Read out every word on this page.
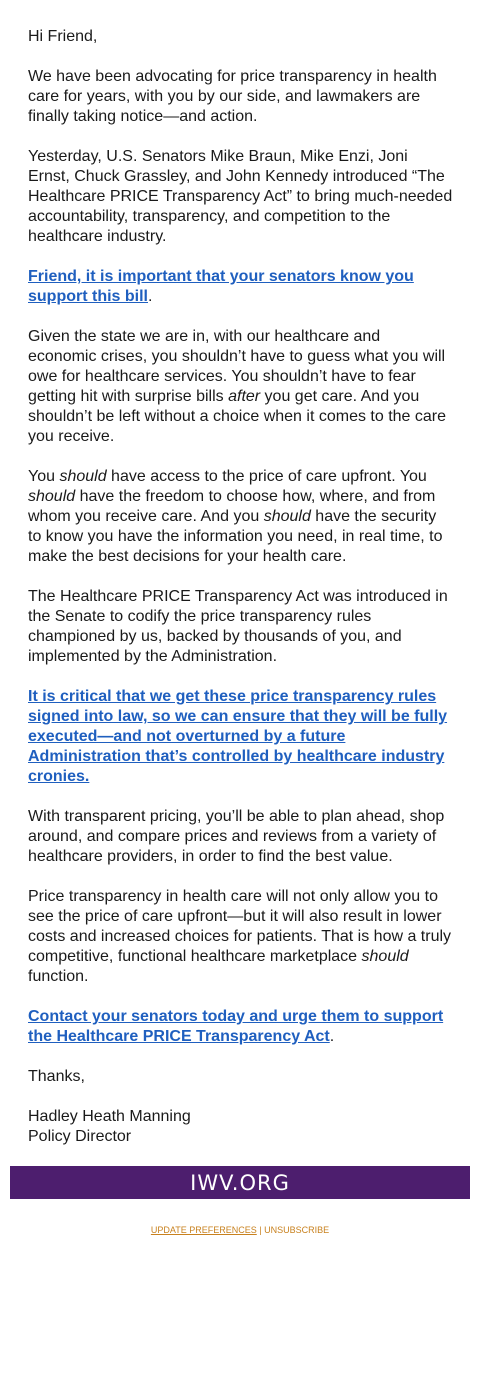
Hi Friend,

We have been advocating for price transparency in health care for years, with you by our side, and lawmakers are finally taking notice—and action.

Yesterday, U.S. Senators Mike Braun, Mike Enzi, Joni Ernst, Chuck Grassley, and John Kennedy introduced “The Healthcare PRICE Transparency Act” to bring much-needed accountability, transparency, and competition to the healthcare industry.

Friend, it is important that your senators know you support this bill.

Given the state we are in, with our healthcare and economic crises, you shouldn’t have to guess what you will owe for healthcare services. You shouldn’t have to fear getting hit with surprise bills after you get care. And you shouldn’t be left without a choice when it comes to the care you receive.

You should have access to the price of care upfront. You should have the freedom to choose how, where, and from whom you receive care. And you should have the security to know you have the information you need, in real time, to make the best decisions for your health care.

The Healthcare PRICE Transparency Act was introduced in the Senate to codify the price transparency rules championed by us, backed by thousands of you, and implemented by the Administration.

It is critical that we get these price transparency rules signed into law, so we can ensure that they will be fully executed—and not overturned by a future Administration that’s controlled by healthcare industry cronies.

With transparent pricing, you’ll be able to plan ahead, shop around, and compare prices and reviews from a variety of healthcare providers, in order to find the best value.

Price transparency in health care will not only allow you to see the price of care upfront—but it will also result in lower costs and increased choices for patients. That is how a truly competitive, functional healthcare marketplace should function.

Contact your senators today and urge them to support the Healthcare PRICE Transparency Act.

Thanks,

Hadley Heath Manning
Policy Director

IWV.ORG
UPDATE PREFERENCES | UNSUBSCRIBE
